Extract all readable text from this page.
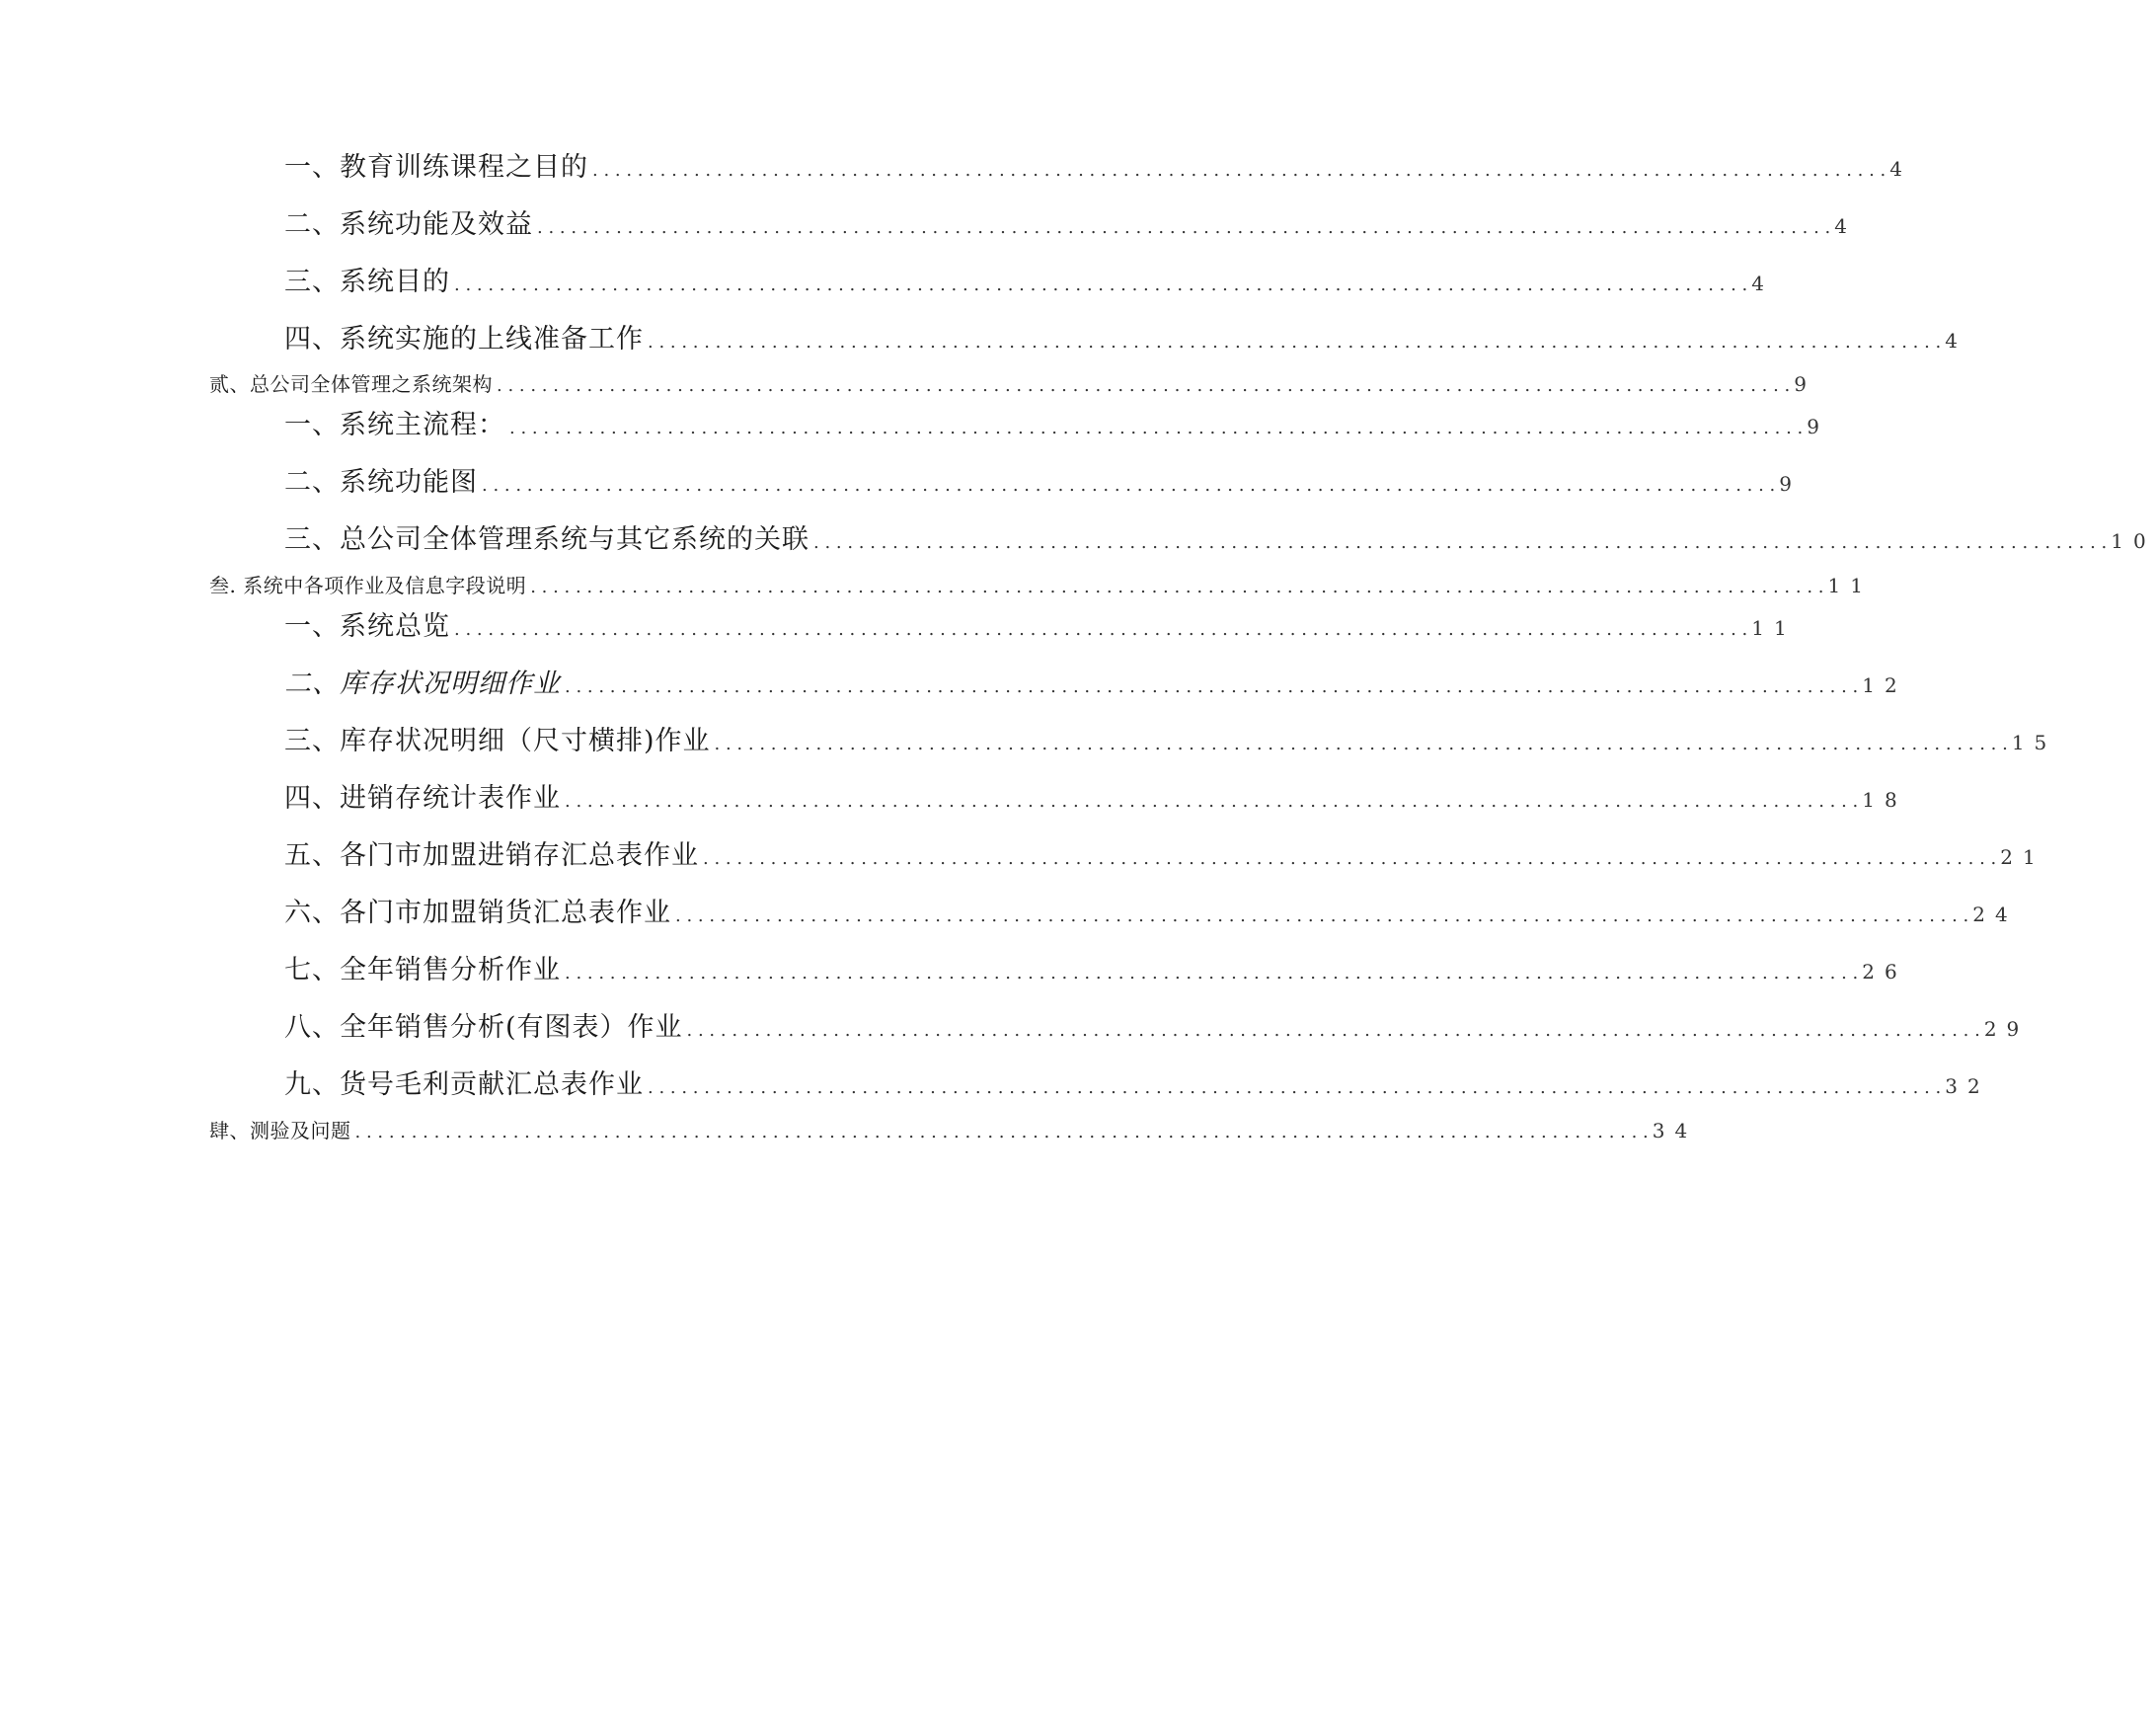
一、教育训练课程之目的 . . .	4
二、系统功能及效益 . . .	4
三、系统目的 . . .	4
四、系统实施的上线准备工作 . . .	4
贰、总公司全体管理之系统架构 . . .	9
一、系统主流程： . . .	9
二、系统功能图 . . .	9
三、总公司全体管理系统与其它系统的关联 . . .	10
叁. 系统中各项作业及信息字段说明 . . .	11
一、系统总览 . . .	11
二、库存状况明细作业 . . .	12
三、库存状况明细（尺寸横排)作业 . . .	15
四、进销存统计表作业 . . .	18
五、各门市加盟进销存汇总表作业 . . .	21
六、各门市加盟销货汇总表作业 . . .	24
七、全年销售分析作业 . . .	26
八、全年销售分析(有图表）作业 . . .	29
九、货号毛利贡献汇总表作业 . . .	32
肆、测验及问题 . . .	34
